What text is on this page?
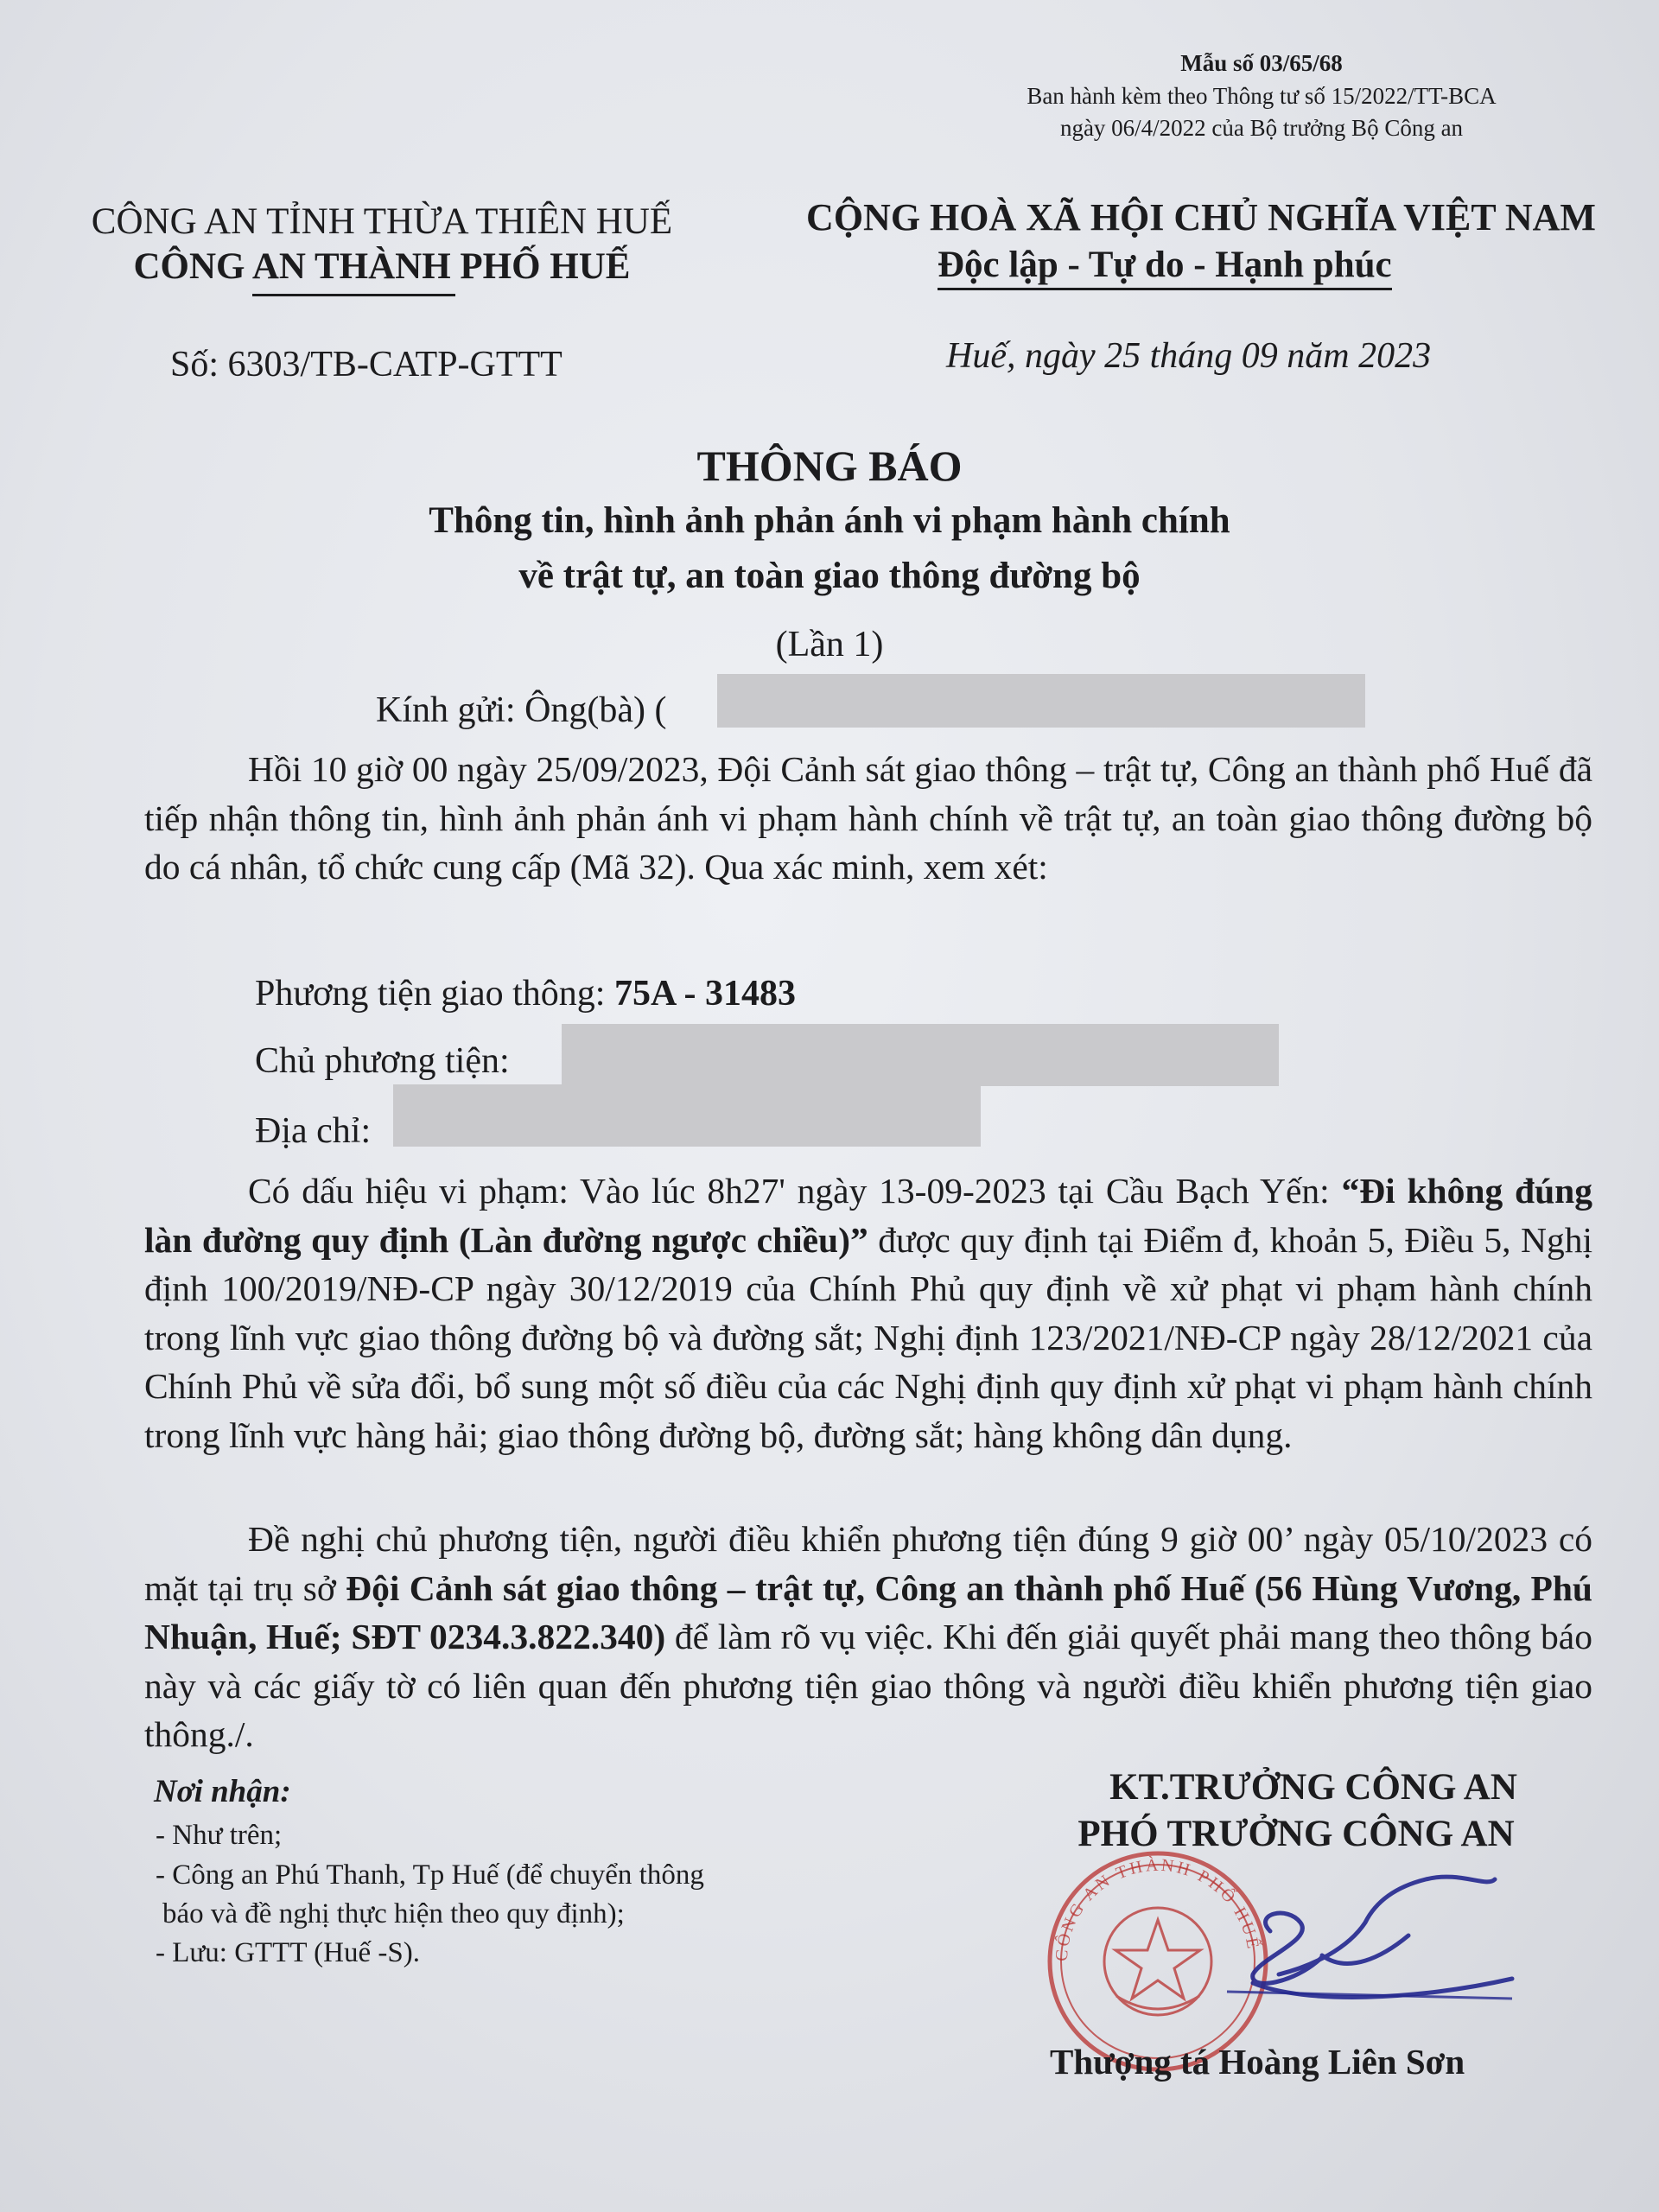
Mẫu số 03/65/68
Ban hành kèm theo Thông tư số 15/2022/TT-BCA
ngày 06/4/2022 của Bộ trưởng Bộ Công an
CÔNG AN TỈNH THỪA THIÊN HUẾ
CÔNG AN THÀNH PHỐ HUẾ
Số: 6303/TB-CATP-GTTT
CỘNG HOÀ XÃ HỘI CHỦ NGHĨA VIỆT NAM
Độc lập - Tự do - Hạnh phúc
Huế, ngày 25 tháng 09 năm 2023
THÔNG BÁO
Thông tin, hình ảnh phản ánh vi phạm hành chính
về trật tự, an toàn giao thông đường bộ
(Lần 1)
Kính gửi: Ông(bà) (
Hồi 10 giờ 00 ngày 25/09/2023, Đội Cảnh sát giao thông – trật tự, Công an thành phố Huế đã tiếp nhận thông tin, hình ảnh phản ánh vi phạm hành chính về trật tự, an toàn giao thông đường bộ do cá nhân, tổ chức cung cấp (Mã 32). Qua xác minh, xem xét:
Phương tiện giao thông: 75A - 31483
Chủ phương tiện:
Địa chỉ:
Có dấu hiệu vi phạm: Vào lúc 8h27' ngày 13-09-2023 tại Cầu Bạch Yến: “Đi không đúng làn đường quy định (Làn đường ngược chiều)” được quy định tại Điểm đ, khoản 5, Điều 5, Nghị định 100/2019/NĐ-CP ngày 30/12/2019 của Chính Phủ quy định về xử phạt vi phạm hành chính trong lĩnh vực giao thông đường bộ và đường sắt; Nghị định 123/2021/NĐ-CP ngày 28/12/2021 của Chính Phủ về sửa đổi, bổ sung một số điều của các Nghị định quy định xử phạt vi phạm hành chính trong lĩnh vực hàng hải; giao thông đường bộ, đường sắt; hàng không dân dụng.
Đề nghị chủ phương tiện, người điều khiển phương tiện đúng 9 giờ 00’ ngày 05/10/2023 có mặt tại trụ sở Đội Cảnh sát giao thông – trật tự, Công an thành phố Huế (56 Hùng Vương, Phú Nhuận, Huế; SĐT 0234.3.822.340) để làm rõ vụ việc. Khi đến giải quyết phải mang theo thông báo này và các giấy tờ có liên quan đến phương tiện giao thông và người điều khiển phương tiện giao thông./.
Nơi nhận:
- Như trên;
- Công an Phú Thanh, Tp Huế (để chuyển thông
báo và đề nghị thực hiện theo quy định);
- Lưu: GTTT (Huế -S).
KT.TRƯỞNG CÔNG AN
PHÓ TRƯỞNG CÔNG AN
CÔNG AN THÀNH PHỐ HUẾ
Thượng tá Hoàng Liên Sơn
